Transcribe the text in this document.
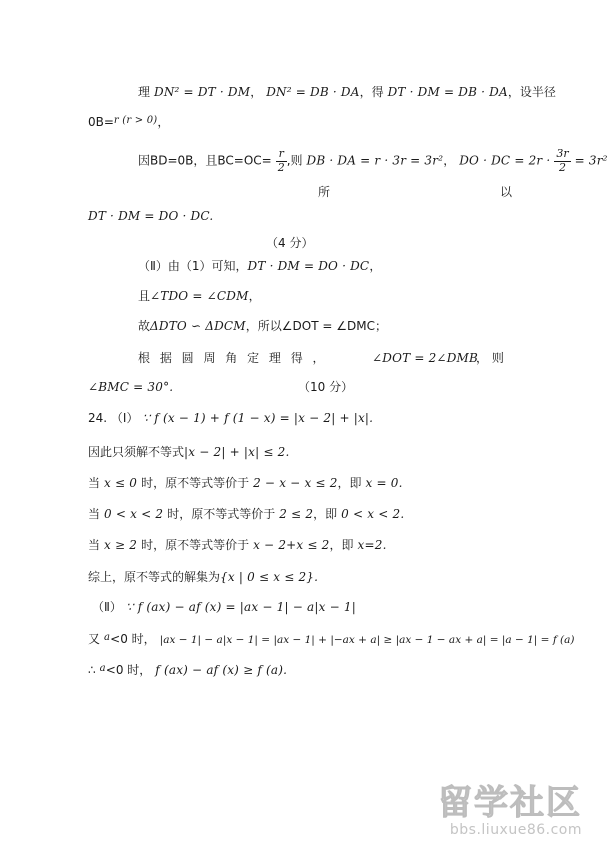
理 DN² = DT · DM， DN² = DB · DA，得 DT · DM = DB · DA，设半径
0B=$^{r (r > 0)}$，
因BD=0B，且$BC=OC= \frac{r}{2}$ ,则 DB · DA = r · 3r = 3r²， DO · DC = $2r \cdot \frac{3r}{2} = 3r^2$
所	以
DT · DM = DO · DC.
（4 分）
（Ⅱ）由（1）可知，DT · DM = DO · DC，
且∠TDO = ∠CDM，
故ΔDTO ∽ ΔDCM，所以∠DOT = ∠DMC；
根 据 圆 周 角 定 理 得 ，	∠DOT = 2∠DMB
， 则
∠BMC = 30°.	（10 分）
24. （Ⅰ） ∵ f (x − 1) + f (1 − x) = |x − 2| + |x|.
因此只须解不等式|x − 2| + |x| ≤ 2.
当 x ≤ 0 时，原不等式等价于 2 − x − x ≤ 2，即 x = 0.
当 0 < x < 2 时，原不等式等价于 2 ≤ 2，即 0 < x < 2.
当 x ≥ 2 时，原不等式等价于 x − 2+x ≤ 2，即 x=2.
综上，原不等式的解集为{x | 0 ≤ x ≤ 2}.
（Ⅱ） ∵ f (ax) − af (x) = |ax − 1| − a|x − 1|
又 $^a$<0 时， |ax − 1| − a|x − 1| = |ax − 1| + |−ax + a| ≥ |ax − 1 − ax + a| = |a − 1| = f (a)
∴ $^a$<0 时， f (ax) − af (x) ≥ f (a).
留学社区
bbs.liuxue86.com
